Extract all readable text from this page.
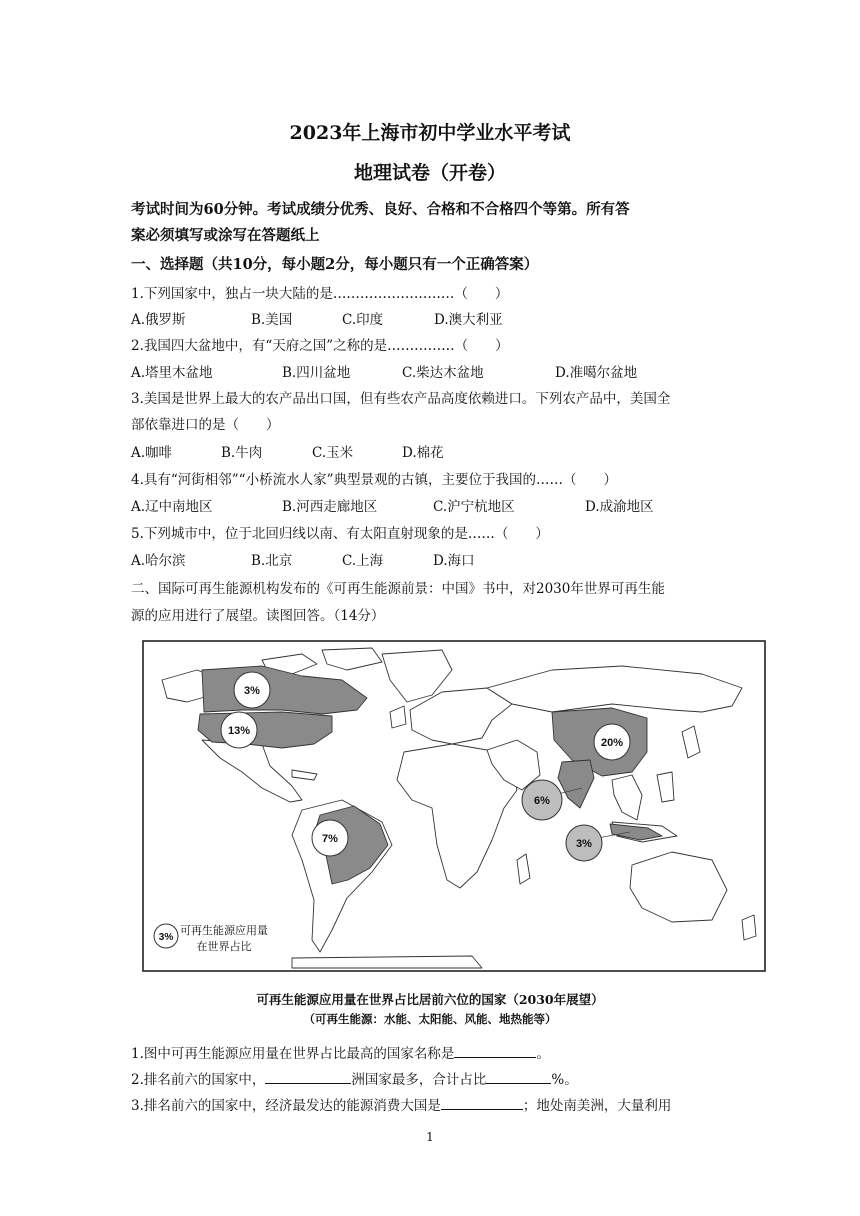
2023年上海市初中学业水平考试
地理试卷（开卷）
考试时间为60分钟。考试成绩分优秀、良好、合格和不合格四个等第。所有答
案必须填写或涂写在答题纸上
一、选择题（共10分，每小题2分，每小题只有一个正确答案）
1.下列国家中，独占一块大陆的是………………………（　　）
A.俄罗斯	B.美国	C.印度	D.澳大利亚
2.我国四大盆地中，有“天府之国”之称的是……………（　　）
A.塔里木盆地	B.四川盆地	C.柴达木盆地	D.准噶尔盆地
3.美国是世界上最大的农产品出口国，但有些农产品高度依赖进口。下列农产品中，美国全
部依靠进口的是（　　）
A.咖啡	B.牛肉	C.玉米	D.棉花
4.具有“河街相邻”“小桥流水人家”典型景观的古镇，主要位于我国的……（　　）
A.辽中南地区	B.河西走廊地区	C.沪宁杭地区	D.成渝地区
5.下列城市中，位于北回归线以南、有太阳直射现象的是……（　　）
A.哈尔滨	B.北京	C.上海	D.海口
二、国际可再生能源机构发布的《可再生能源前景：中国》书中，对2030年世界可再生能
源的应用进行了展望。读图回答。（14分）
3%
13%
20%
6%
3%
7%
3%
可再生能源应用量
在世界占比
可再生能源应用量在世界占比居前六位的国家（2030年展望）
（可再生能源：水能、太阳能、风能、地热能等）
1.图中可再生能源应用量在世界占比最高的国家名称是	。
2.排名前六的国家中，	洲国家最多，合计占比	%。
3.排名前六的国家中，经济最发达的能源消费大国是	；地处南美洲，大量利用
1
